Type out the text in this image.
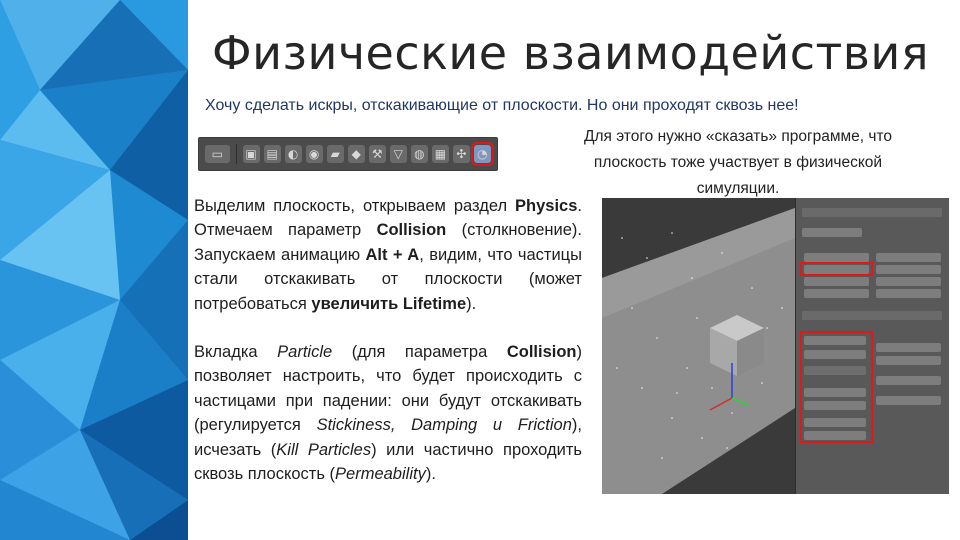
Физические взаимодействия
Хочу сделать искры, отскакивающие от плоскости. Но они проходят сквозь нее!
Для этого нужно «сказать» программе, что плоскость тоже участвует в физической симуляции.
▭	▣ ▤ ◐ ◉ ▰ ◆ ⚒ ▽ ◍ ▦ ✣ ◔

Выделим плоскость, открываем раздел Physics. Отмечаем параметр Collision (столкновение). Запускаем анимацию Alt + A, видим, что частицы стали отскакивать от плоскости (может потребоваться увеличить Lifetime).

Вкладка Particle (для параметра Collision) позволяет настроить, что будет происходить с частицами при падении: они будут отскакивать (регулируется Stickiness, Damping и Friction), исчезать (Kill Particles) или частично проходить сквозь плоскость (Permeability).
